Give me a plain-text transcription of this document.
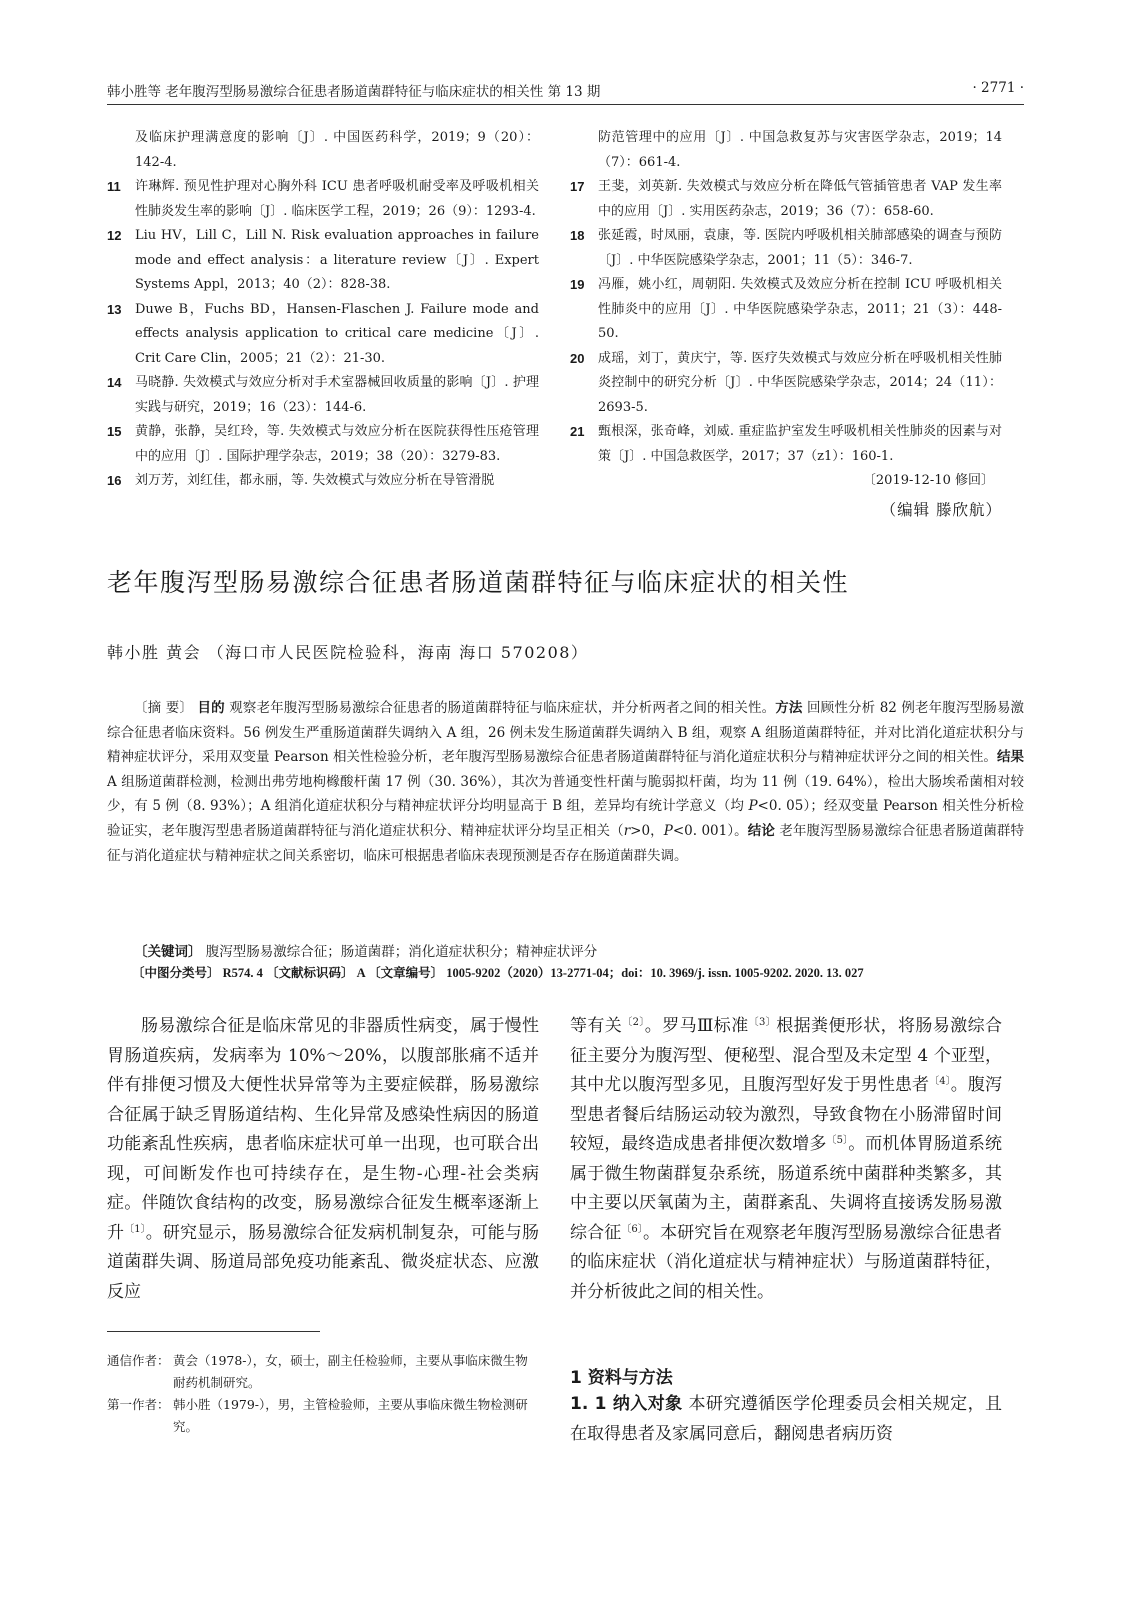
韩小胜等 老年腹泻型肠易激综合征患者肠道菌群特征与临床症状的相关性 第 13 期	· 2771 ·
及临床护理满意度的影响〔J〕. 中国医药科学，2019；9（20）：142-4.
11	许琳辉. 预见性护理对心胸外科 ICU 患者呼吸机耐受率及呼吸机相关性肺炎发生率的影响〔J〕. 临床医学工程，2019；26（9）：1293-4.
12	Liu HV，Lill C，Lill N. Risk evaluation approaches in failure mode and effect analysis：a literature review〔J〕. Expert Systems Appl，2013；40（2）：828-38.
13	Duwe B，Fuchs BD，Hansen-Flaschen J. Failure mode and effects analysis application to critical care medicine〔J〕. Crit Care Clin，2005；21（2）：21-30.
14	马晓静. 失效模式与效应分析对手术室器械回收质量的影响〔J〕. 护理实践与研究，2019；16（23）：144-6.
15	黄静，张静，吴红玲，等. 失效模式与效应分析在医院获得性压疮管理中的应用〔J〕. 国际护理学杂志，2019；38（20）：3279-83.
16	刘万芳，刘红佳，都永丽，等. 失效模式与效应分析在导管滑脱
防范管理中的应用〔J〕. 中国急救复苏与灾害医学杂志，2019；14（7）：661-4.
17	王斐，刘英新. 失效模式与效应分析在降低气管插管患者 VAP 发生率中的应用〔J〕. 实用医药杂志，2019；36（7）：658-60.
18	张延霞，时凤丽，袁康，等. 医院内呼吸机相关肺部感染的调查与预防〔J〕. 中华医院感染学杂志，2001；11（5）：346-7.
19	冯雁，姚小红，周朝阳. 失效模式及效应分析在控制 ICU 呼吸机相关性肺炎中的应用〔J〕. 中华医院感染学杂志，2011；21（3）：448-50.
20	成瑶，刘丁，黄庆宁，等. 医疗失效模式与效应分析在呼吸机相关性肺炎控制中的研究分析〔J〕. 中华医院感染学杂志，2014；24（11）：2693-5.
21	甄根深，张奇峰，刘威. 重症监护室发生呼吸机相关性肺炎的因素与对策〔J〕. 中国急救医学，2017；37（z1）：160-1.
〔2019-12-10 修回〕
（编辑 滕欣航）
老年腹泻型肠易激综合征患者肠道菌群特征与临床症状的相关性
韩小胜 黄会 （海口市人民医院检验科，海南 海口 570208）
〔摘 要〕 目的 观察老年腹泻型肠易激综合征患者的肠道菌群特征与临床症状，并分析两者之间的相关性。方法 回顾性分析 82 例老年腹泻型肠易激综合征患者临床资料。56 例发生严重肠道菌群失调纳入 A 组，26 例未发生肠道菌群失调纳入 B 组，观察 A 组肠道菌群特征，并对比消化道症状积分与精神症状评分，采用双变量 Pearson 相关性检验分析，老年腹泻型肠易激综合征患者肠道菌群特征与消化道症状积分与精神症状评分之间的相关性。结果 A 组肠道菌群检测，检测出弗劳地枸橼酸杆菌 17 例（30. 36%），其次为普通变性杆菌与脆弱拟杆菌，均为 11 例（19. 64%），检出大肠埃希菌相对较少，有 5 例（8. 93%）；A 组消化道症状积分与精神症状评分均明显高于 B 组，差异均有统计学意义（均 P<0. 05）；经双变量 Pearson 相关性分析检验证实，老年腹泻型患者肠道菌群特征与消化道症状积分、精神症状评分均呈正相关（r>0，P<0. 001）。结论 老年腹泻型肠易激综合征患者肠道菌群特征与消化道症状与精神症状之间关系密切，临床可根据患者临床表现预测是否存在肠道菌群失调。
〔关键词〕 腹泻型肠易激综合征；肠道菌群；消化道症状积分；精神症状评分
〔中图分类号〕 R574. 4 〔文献标识码〕 A 〔文章编号〕 1005-9202（2020）13-2771-04；doi：10. 3969/j. issn. 1005-9202. 2020. 13. 027

肠易激综合征是临床常见的非器质性病变，属于慢性胃肠道疾病，发病率为 10%～20%，以腹部胀痛不适并伴有排便习惯及大便性状异常等为主要症候群，肠易激综合征属于缺乏胃肠道结构、生化异常及感染性病因的肠道功能紊乱性疾病，患者临床症状可单一出现，也可联合出现，可间断发作也可持续存在，是生物-心理-社会类病症。伴随饮食结构的改变，肠易激综合征发生概率逐渐上升$^{〔1〕}$。研究显示，肠易激综合征发病机制复杂，可能与肠道菌群失调、肠道局部免疫功能紊乱、微炎症状态、应激反应

等有关$^{〔2〕}$。罗马Ⅲ标准$^{〔3〕}$根据粪便形状，将肠易激综合征主要分为腹泻型、便秘型、混合型及未定型 4 个亚型，其中尤以腹泻型多见，且腹泻型好发于男性患者$^{〔4〕}$。腹泻型患者餐后结肠运动较为激烈，导致食物在小肠滞留时间较短，最终造成患者排便次数增多$^{〔5〕}$。而机体胃肠道系统属于微生物菌群复杂系统，肠道系统中菌群种类繁多，其中主要以厌氧菌为主，菌群紊乱、失调将直接诱发肠易激综合征$^{〔6〕}$。本研究旨在观察老年腹泻型肠易激综合征患者的临床症状（消化道症状与精神症状）与肠道菌群特征，并分析彼此之间的相关性。

通信作者： 黄会（1978-），女，硕士，副主任检验师，主要从事临床微生物耐药机制研究。
第一作者： 韩小胜（1979-），男，主管检验师，主要从事临床微生物检测研究。
1 资料与方法
1. 1 纳入对象 本研究遵循医学伦理委员会相关规定，且在取得患者及家属同意后，翻阅患者病历资
